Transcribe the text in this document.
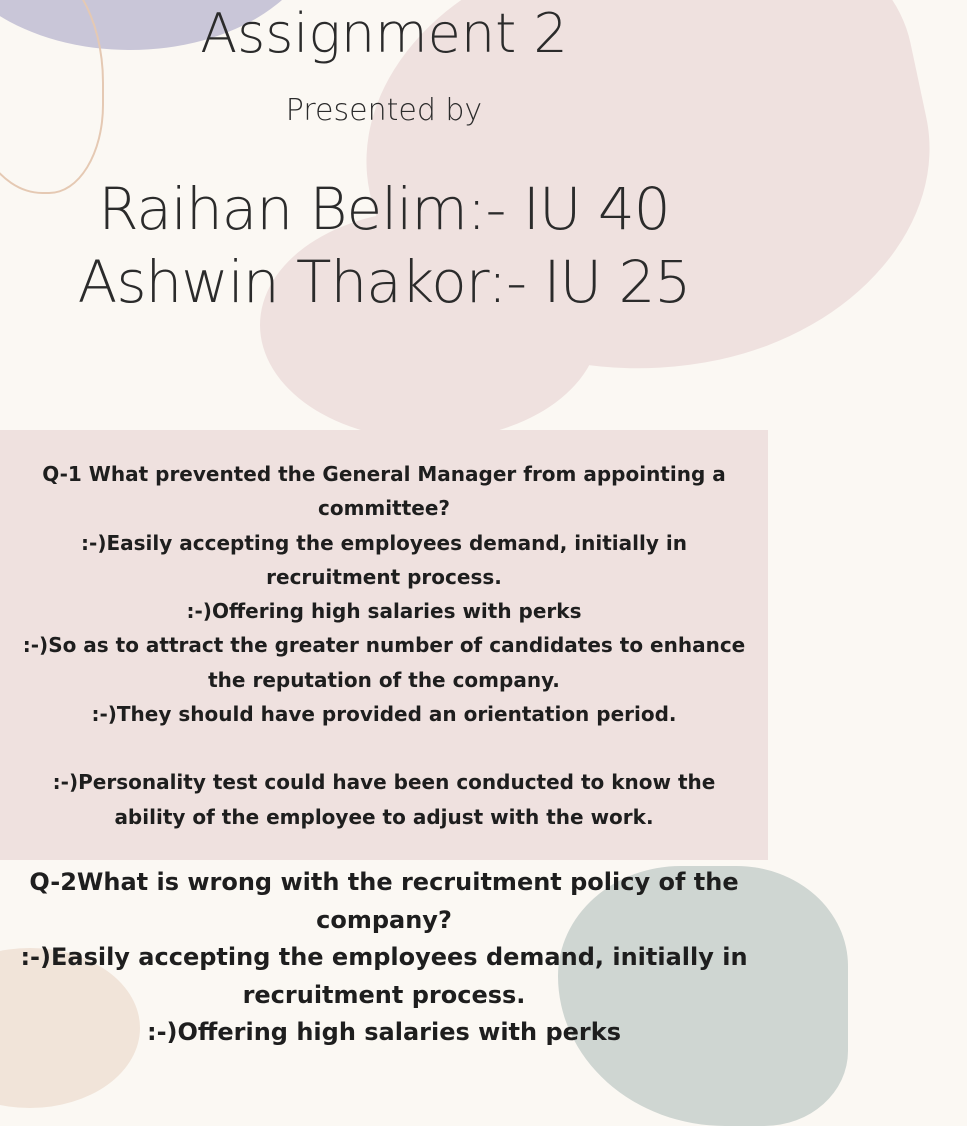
Assignment 2
Presented by
Raihan Belim:- IU 40
Ashwin Thakor:- IU 25

Q-1 What prevented the General Manager from appointing a

committee?

:-)Easily accepting the employees demand, initially in

recruitment process.

:-)Offering high salaries with perks

:-)So as to attract the greater number of candidates to enhance

the reputation of the company.

:-)They should have provided an orientation period.

:-)Personality test could have been conducted to know the

ability of the employee to adjust with the work.

Q-2What is wrong with the recruitment policy of the

company?

:-)Easily accepting the employees demand, initially in

recruitment process.

:-)Offering high salaries with perks
